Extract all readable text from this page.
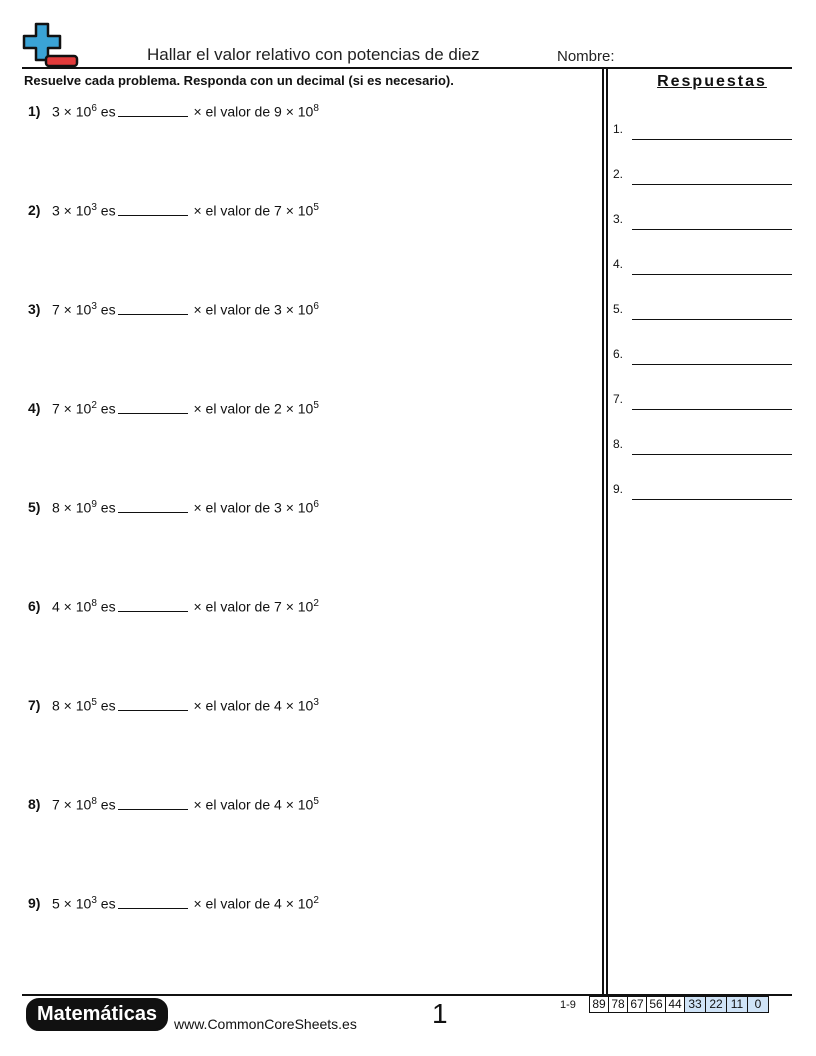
Hallar el valor relativo con potencias de diez	Nombre:
Resuelve cada problema. Responda con un decimal (si es necesario).	Respuestas
1.
2.
3.
4.
5.
6.
7.
8.
9.
1) $3 \times 10^6$ es	× el valor de $9 \times 10^8$
2) $3 \times 10^3$ es	× el valor de $7 \times 10^5$
3) $7 \times 10^3$ es	× el valor de $3 \times 10^6$
4) $7 \times 10^2$ es	× el valor de $2 \times 10^5$
5) $8 \times 10^9$ es	× el valor de $3 \times 10^6$
6) $4 \times 10^8$ es	× el valor de $7 \times 10^2$
7) $8 \times 10^5$ es	× el valor de $4 \times 10^3$
8) $7 \times 10^8$ es	× el valor de $4 \times 10^5$
9) $5 \times 10^3$ es	× el valor de $4 \times 10^2$
Matemáticas	www.CommonCoreSheets.es	1	1-9 89 78 67 56 44 33 22 11 0
